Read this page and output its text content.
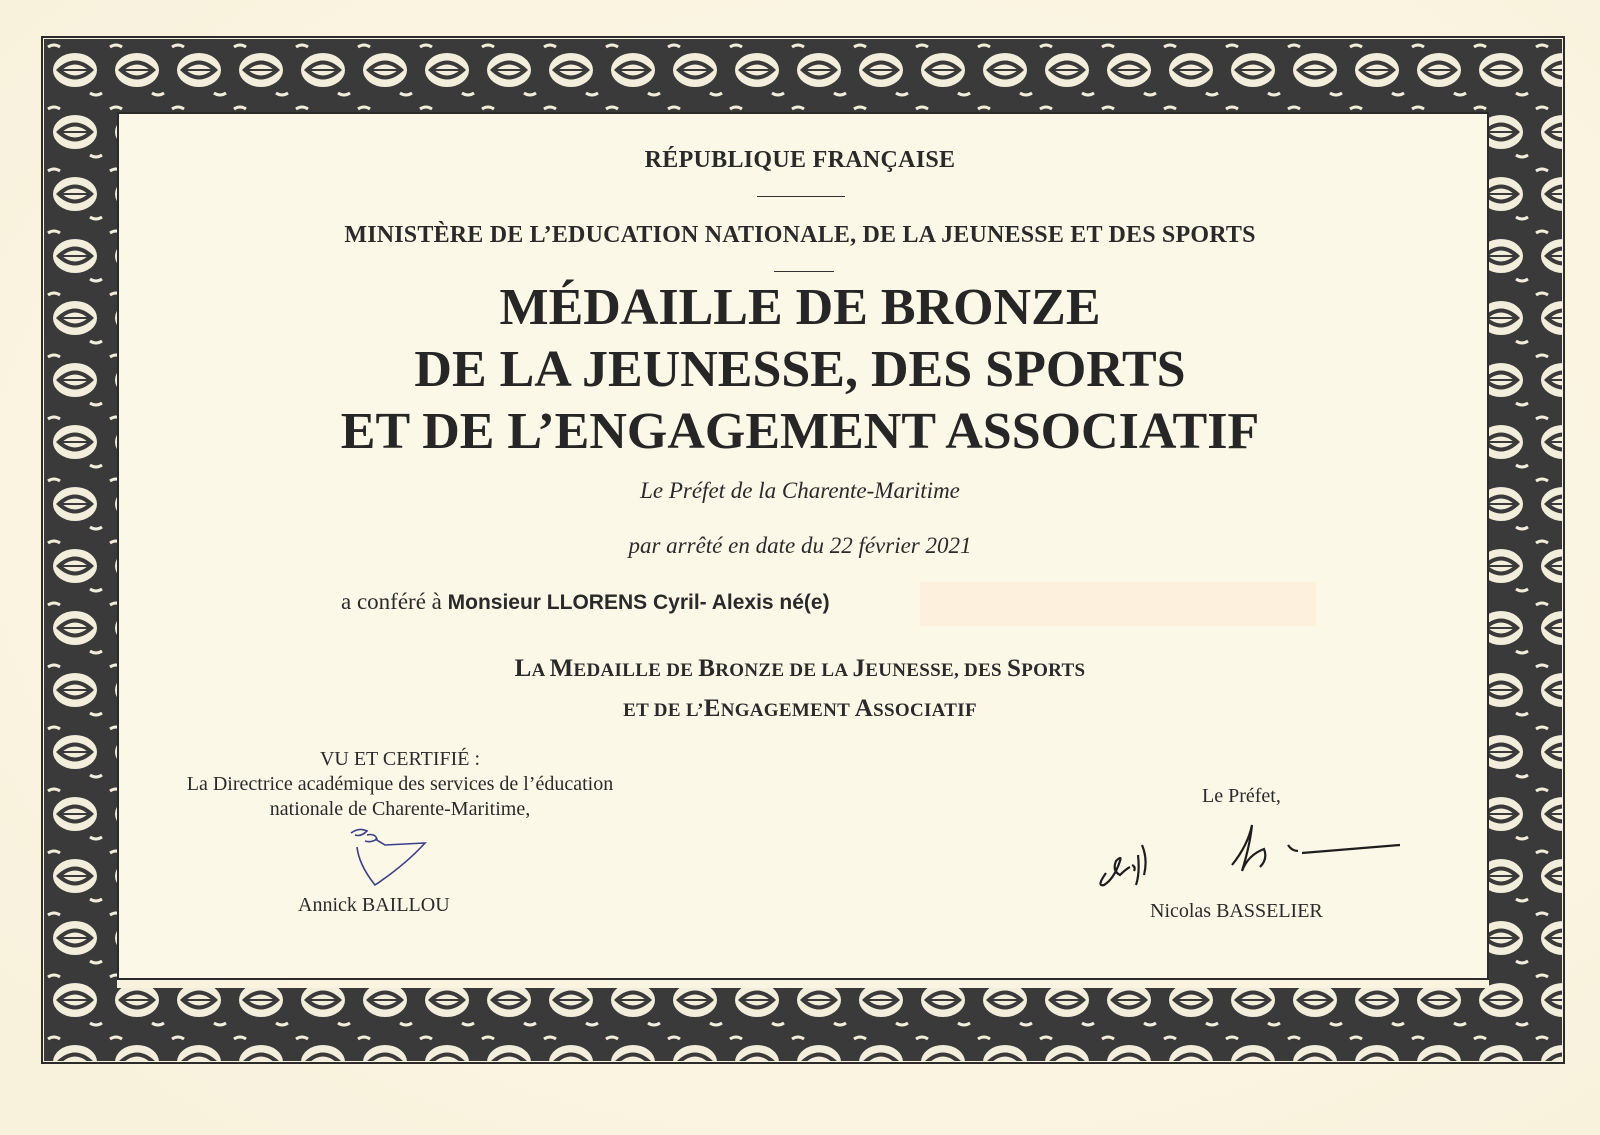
RÉPUBLIQUE FRANÇAISE
MINISTÈRE DE L’EDUCATION NATIONALE, DE LA JEUNESSE ET DES SPORTS
MÉDAILLE DE BRONZE
DE LA JEUNESSE, DES SPORTS
ET DE L’ENGAGEMENT ASSOCIATIF
Le Préfet de la Charente-Maritime
par arrêté en date du 22 février 2021
a conféré à Monsieur LLORENS Cyril- Alexis né(e)
LA MEDAILLE DE BRONZE DE LA JEUNESSE, DES SPORTS
ET DE L’ENGAGEMENT ASSOCIATIF
VU ET CERTIFIÉ :
La Directrice académique des services de l’éducation
nationale de Charente-Maritime,
Annick BAILLOU
Le Préfet,
Nicolas BASSELIER
